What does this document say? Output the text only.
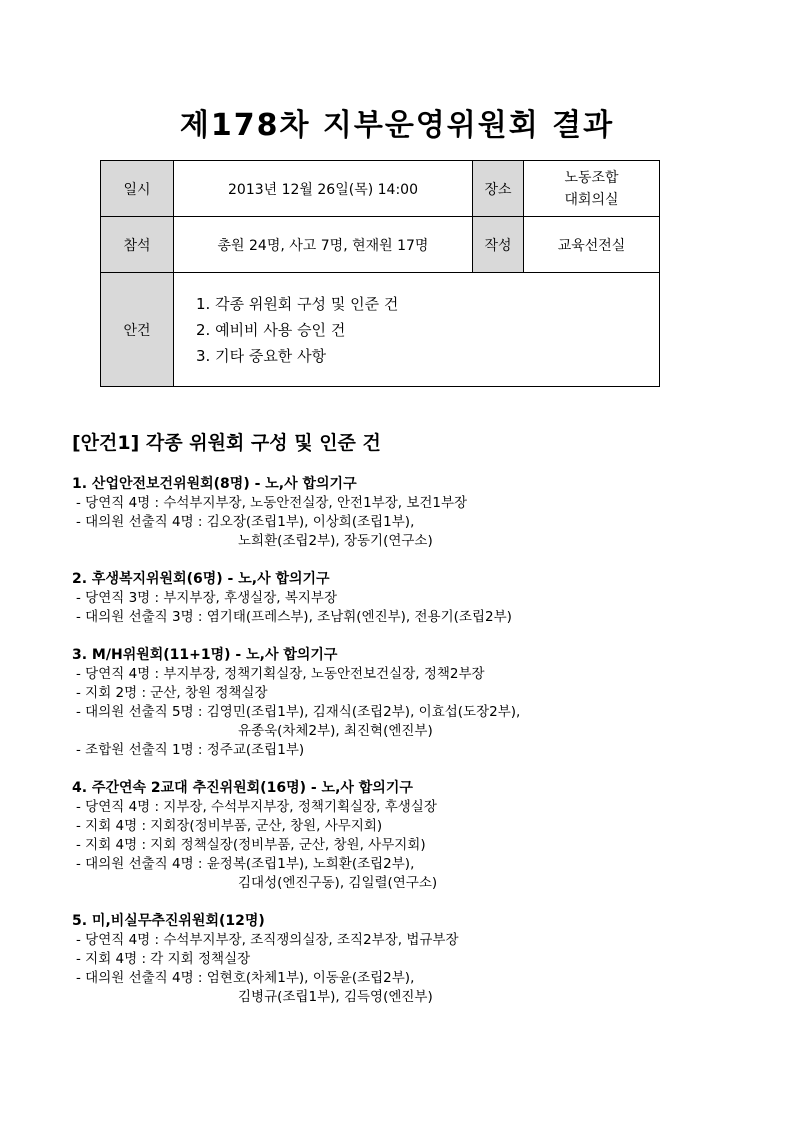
제178차 지부운영위원회 결과
일시	2013년 12월 26일(목) 14:00	장소	노동조합
대회의실

참석	총원 24명, 사고 7명, 현재원 17명	작성	교육선전실
안건	1. 각종 위원회 구성 및 인준 건
2. 예비비 사용 승인 건
3. 기타 중요한 사항		
[안건1] 각종 위원회 구성 및 인준 건
1. 산업안전보건위원회(8명) - 노,사 합의기구
- 당연직 4명 : 수석부지부장, 노동안전실장, 안전1부장, 보건1부장
- 대의원 선출직 4명 : 김오장(조립1부), 이상희(조립1부),
노희환(조립2부), 장동기(연구소)
2. 후생복지위원회(6명) - 노,사 합의기구
- 당연직 3명 : 부지부장, 후생실장, 복지부장
- 대의원 선출직 3명 : 염기태(프레스부), 조남휘(엔진부), 전용기(조립2부)
3. M/H위원회(11+1명) - 노,사 합의기구
- 당연직 4명 : 부지부장, 정책기획실장, 노동안전보건실장, 정책2부장
- 지회 2명 : 군산, 창원 정책실장
- 대의원 선출직 5명 : 김영민(조립1부), 김재식(조립2부), 이효섭(도장2부),
유종욱(차체2부), 최진혁(엔진부)
- 조합원 선출직 1명 : 정주교(조립1부)
4. 주간연속 2교대 추진위원회(16명) - 노,사 합의기구
- 당연직 4명 : 지부장, 수석부지부장, 정책기획실장, 후생실장
- 지회 4명 : 지회장(정비부품, 군산, 창원, 사무지회)
- 지회 4명 : 지회 정책실장(정비부품, 군산, 창원, 사무지회)
- 대의원 선출직 4명 : 윤정복(조립1부), 노희환(조립2부),
김대성(엔진구동), 김일렬(연구소)
5. 미,비실무추진위원회(12명)
- 당연직 4명 : 수석부지부장, 조직쟁의실장, 조직2부장, 법규부장
- 지회 4명 : 각 지회 정책실장
- 대의원 선출직 4명 : 엄현호(차체1부), 이동윤(조립2부),
김병규(조립1부), 김득영(엔진부)
